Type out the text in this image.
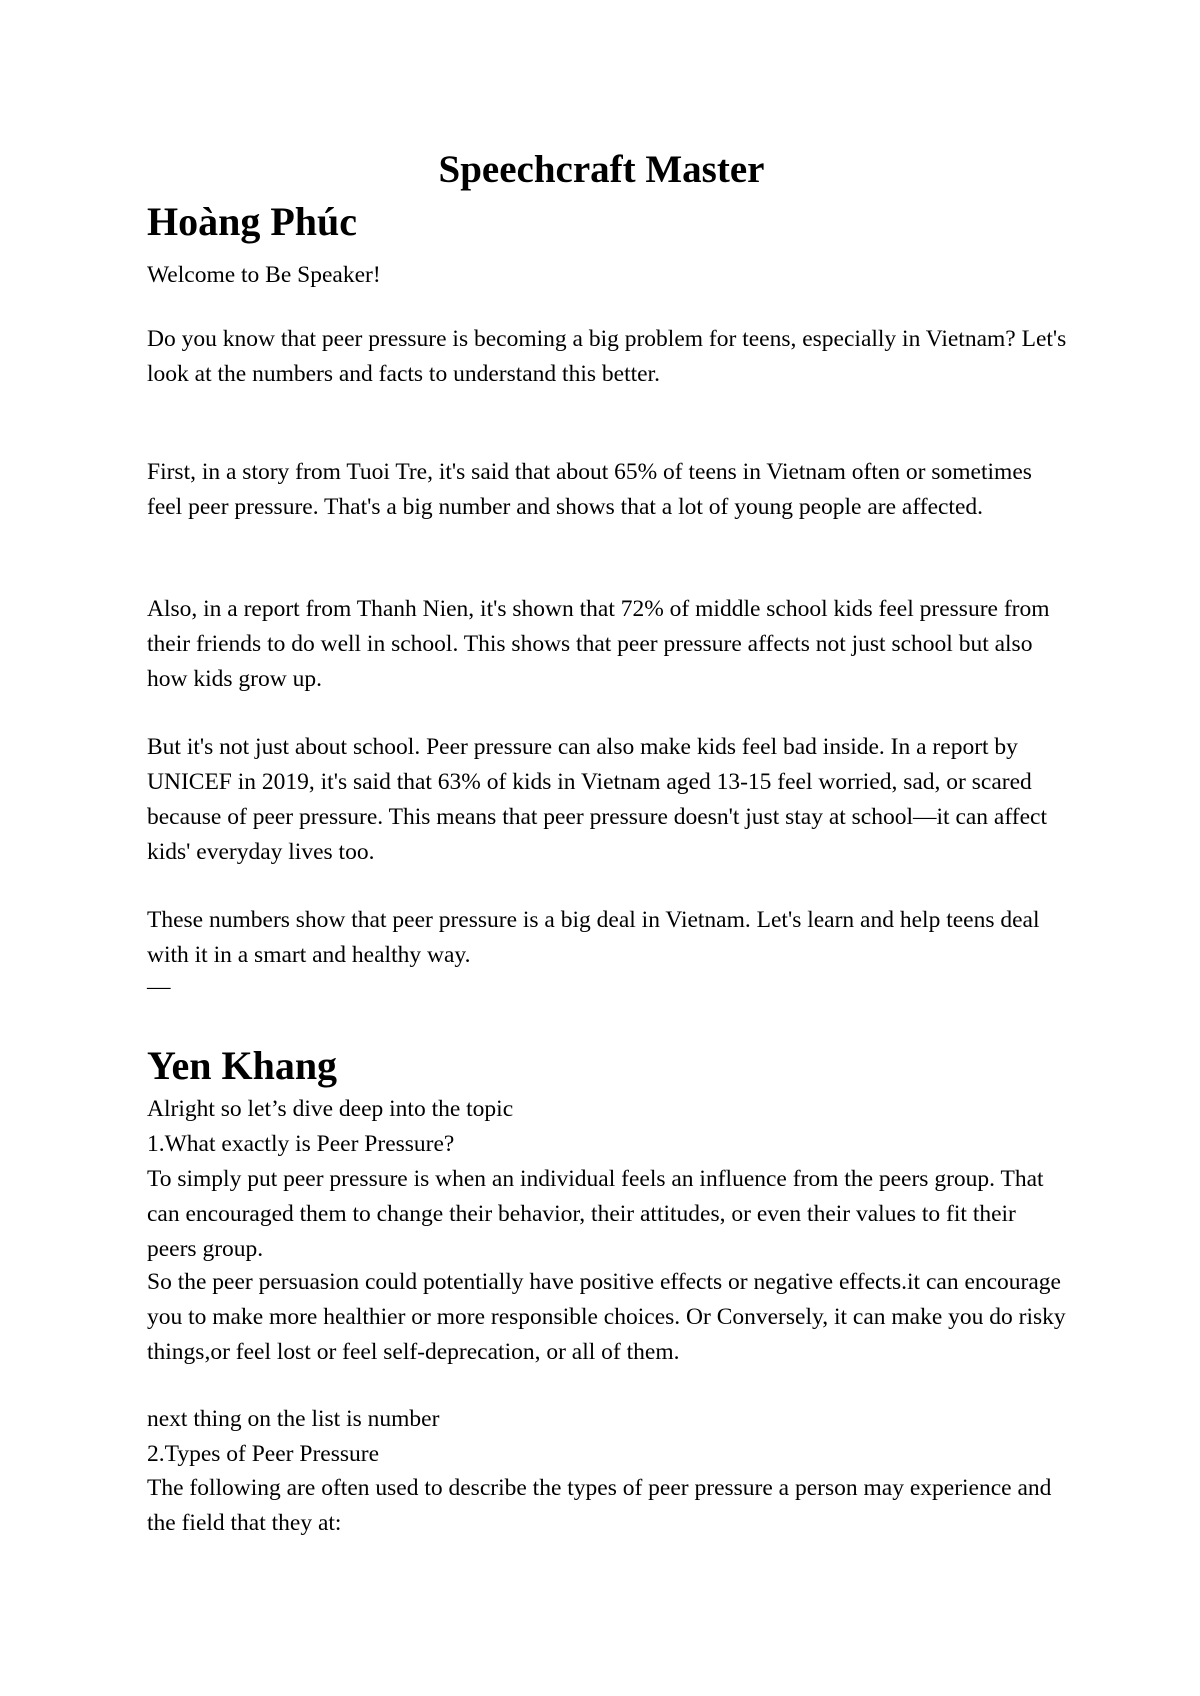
Speechcraft Master
Hoàng Phúc

Welcome to Be Speaker!

Do you know that peer pressure is becoming a big problem for teens, especially in Vietnam? Let's look at the numbers and facts to understand this better.

First, in a story from Tuoi Tre, it's said that about 65% of teens in Vietnam often or sometimes feel peer pressure. That's a big number and shows that a lot of young people are affected.

Also, in a report from Thanh Nien, it's shown that 72% of middle school kids feel pressure from their friends to do well in school. This shows that peer pressure affects not just school but also how kids grow up.

But it's not just about school. Peer pressure can also make kids feel bad inside. In a report by UNICEF in 2019, it's said that 63% of kids in Vietnam aged 13-15 feel worried, sad, or scared because of peer pressure. This means that peer pressure doesn't just stay at school—it can affect kids' everyday lives too.

These numbers show that peer pressure is a big deal in Vietnam. Let's learn and help teens deal with it in a smart and healthy way.

—

Yen Khang

Alright so let’s dive deep into the topic

1.What exactly is Peer Pressure?

To simply put peer pressure is when an individual feels an influence from the peers group. That can encouraged them to change their behavior, their attitudes, or even their values to fit their peers group.

So the peer persuasion could potentially have positive effects or negative effects.it can encourage you to make more healthier or more responsible choices. Or Conversely, it can make you do risky things,or feel lost or feel self-deprecation, or all of them.

next thing on the list is number

2.Types of Peer Pressure

The following are often used to describe the types of peer pressure a person may experience and the field that they at:
